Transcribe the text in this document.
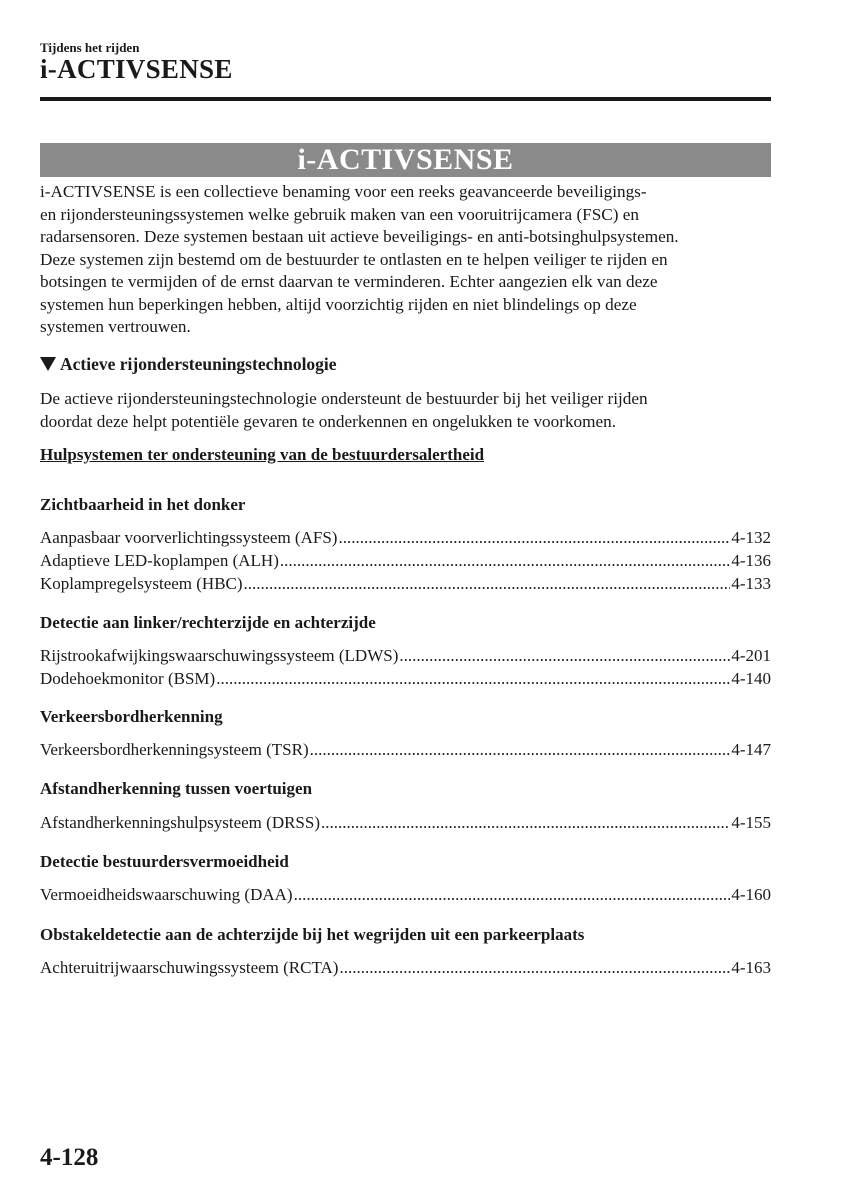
Tijdens het rijden
i-ACTIVSENSE
i-ACTIVSENSE
i-ACTIVSENSE is een collectieve benaming voor een reeks geavanceerde beveiligings-
en rijondersteuningssystemen welke gebruik maken van een vooruitrijcamera (FSC) en
radarsensoren. Deze systemen bestaan uit actieve beveiligings- en anti-botsinghulpsystemen.
Deze systemen zijn bestemd om de bestuurder te ontlasten en te helpen veiliger te rijden en
botsingen te vermijden of de ernst daarvan te verminderen. Echter aangezien elk van deze
systemen hun beperkingen hebben, altijd voorzichtig rijden en niet blindelings op deze
systemen vertrouwen.
Actieve rijondersteuningstechnologie
De actieve rijondersteuningstechnologie ondersteunt de bestuurder bij het veiliger rijden
doordat deze helpt potentiële gevaren te onderkennen en ongelukken te voorkomen.
Hulpsystemen ter ondersteuning van de bestuurdersalertheid
Zichtbaarheid in het donker
Aanpasbaar voorverlichtingssysteem (AFS) .....	4-132
Adaptieve LED-koplampen (ALH) .....	4-136
Koplampregelsysteem (HBC) .....	4-133
Detectie aan linker/rechterzijde en achterzijde
Rijstrookafwijkingswaarschuwingssysteem (LDWS) .....	4-201
Dodehoekmonitor (BSM) .....	4-140
Verkeersbordherkenning
Verkeersbordherkenningsysteem (TSR) .....	4-147
Afstandherkenning tussen voertuigen
Afstandherkenningshulpsysteem (DRSS) .....	4-155
Detectie bestuurdersvermoeidheid
Vermoeidheidswaarschuwing (DAA) .....	4-160
Obstakeldetectie aan de achterzijde bij het wegrijden uit een parkeerplaats
Achteruitrijwaarschuwingssysteem (RCTA) .....	4-163
4-128
